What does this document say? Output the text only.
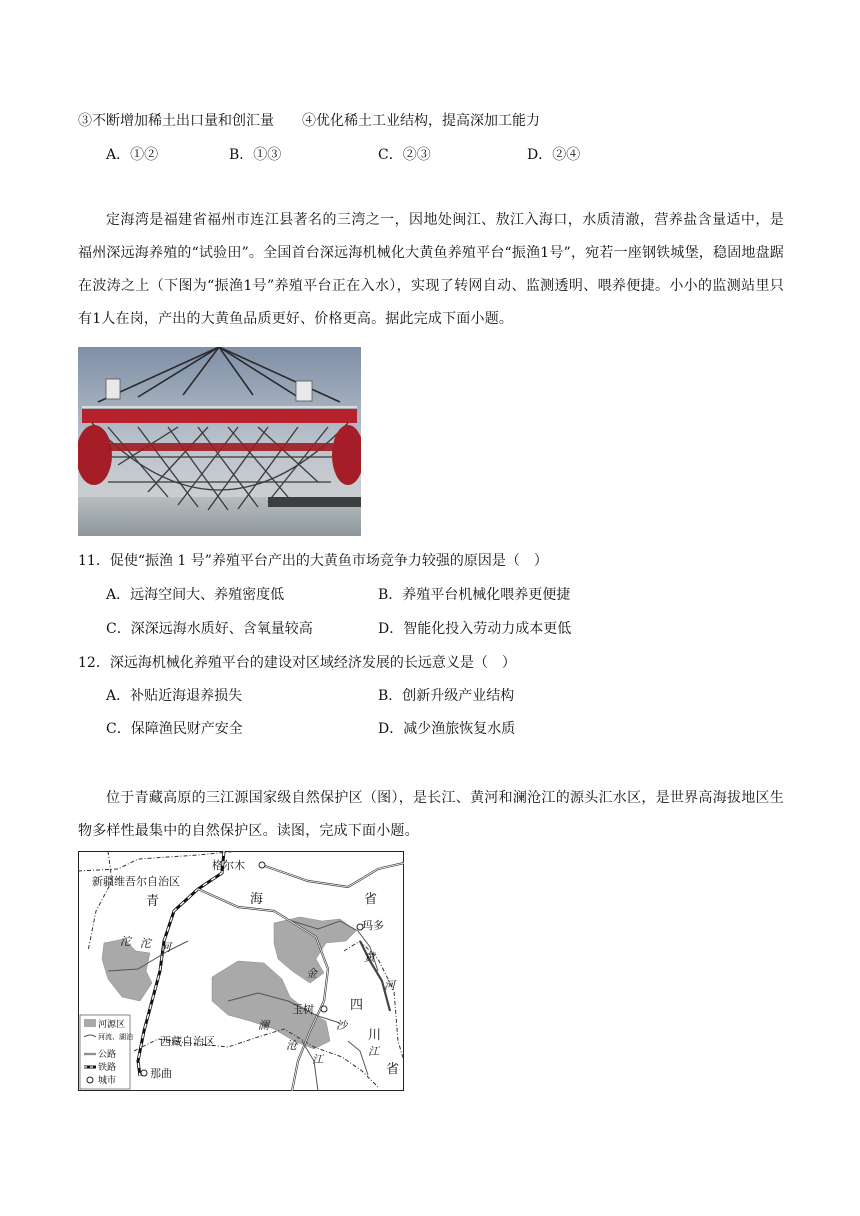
③不断增加稀土出口量和创汇量　　④优化稀土工业结构，提高深加工能力
A．①②	B．①③	C．②③	D．②④
定海湾是福建省福州市连江县著名的三湾之一，因地处闽江、敖江入海口，水质清澈，营养盐含量适中，是福州深远海养殖的“试验田”。全国首台深远海机械化大黄鱼养殖平台“振渔1号”，宛若一座钢铁城堡，稳固地盘踞在波涛之上（下图为“振渔1号”养殖平台正在入水），实现了转网自动、监测透明、喂养便捷。小小的监测站里只有1人在岗，产出的大黄鱼品质更好、价格更高。据此完成下面小题。
11．促使“振渔 1 号”养殖平台产出的大黄鱼市场竞争力较强的原因是（　）
A．远海空间大、养殖密度低	B．养殖平台机械化喂养更便捷
C．深深远海水质好、含氧量较高	D．智能化投入劳动力成本更低
12．深远海机械化养殖平台的建设对区域经济发展的长远意义是（　）
A．补贴近海退养损失	B．创新升级产业结构
C．保障渔民财产安全	D．减少渔旅恢复水质
位于青藏高原的三江源国家级自然保护区（图），是长江、黄河和澜沧江的源头汇水区，是世界高海拔地区生物多样性最集中的自然保护区。读图，完成下面小题。
格尔木
新疆维吾尔自治区
青	海	省
玛多
沱 沱 河
金
黄
河
四
沙
玉树
澜
沧
江
川
江
省
西藏自治区
那曲
河源区
河流、湖泊
公路
铁路
城市
